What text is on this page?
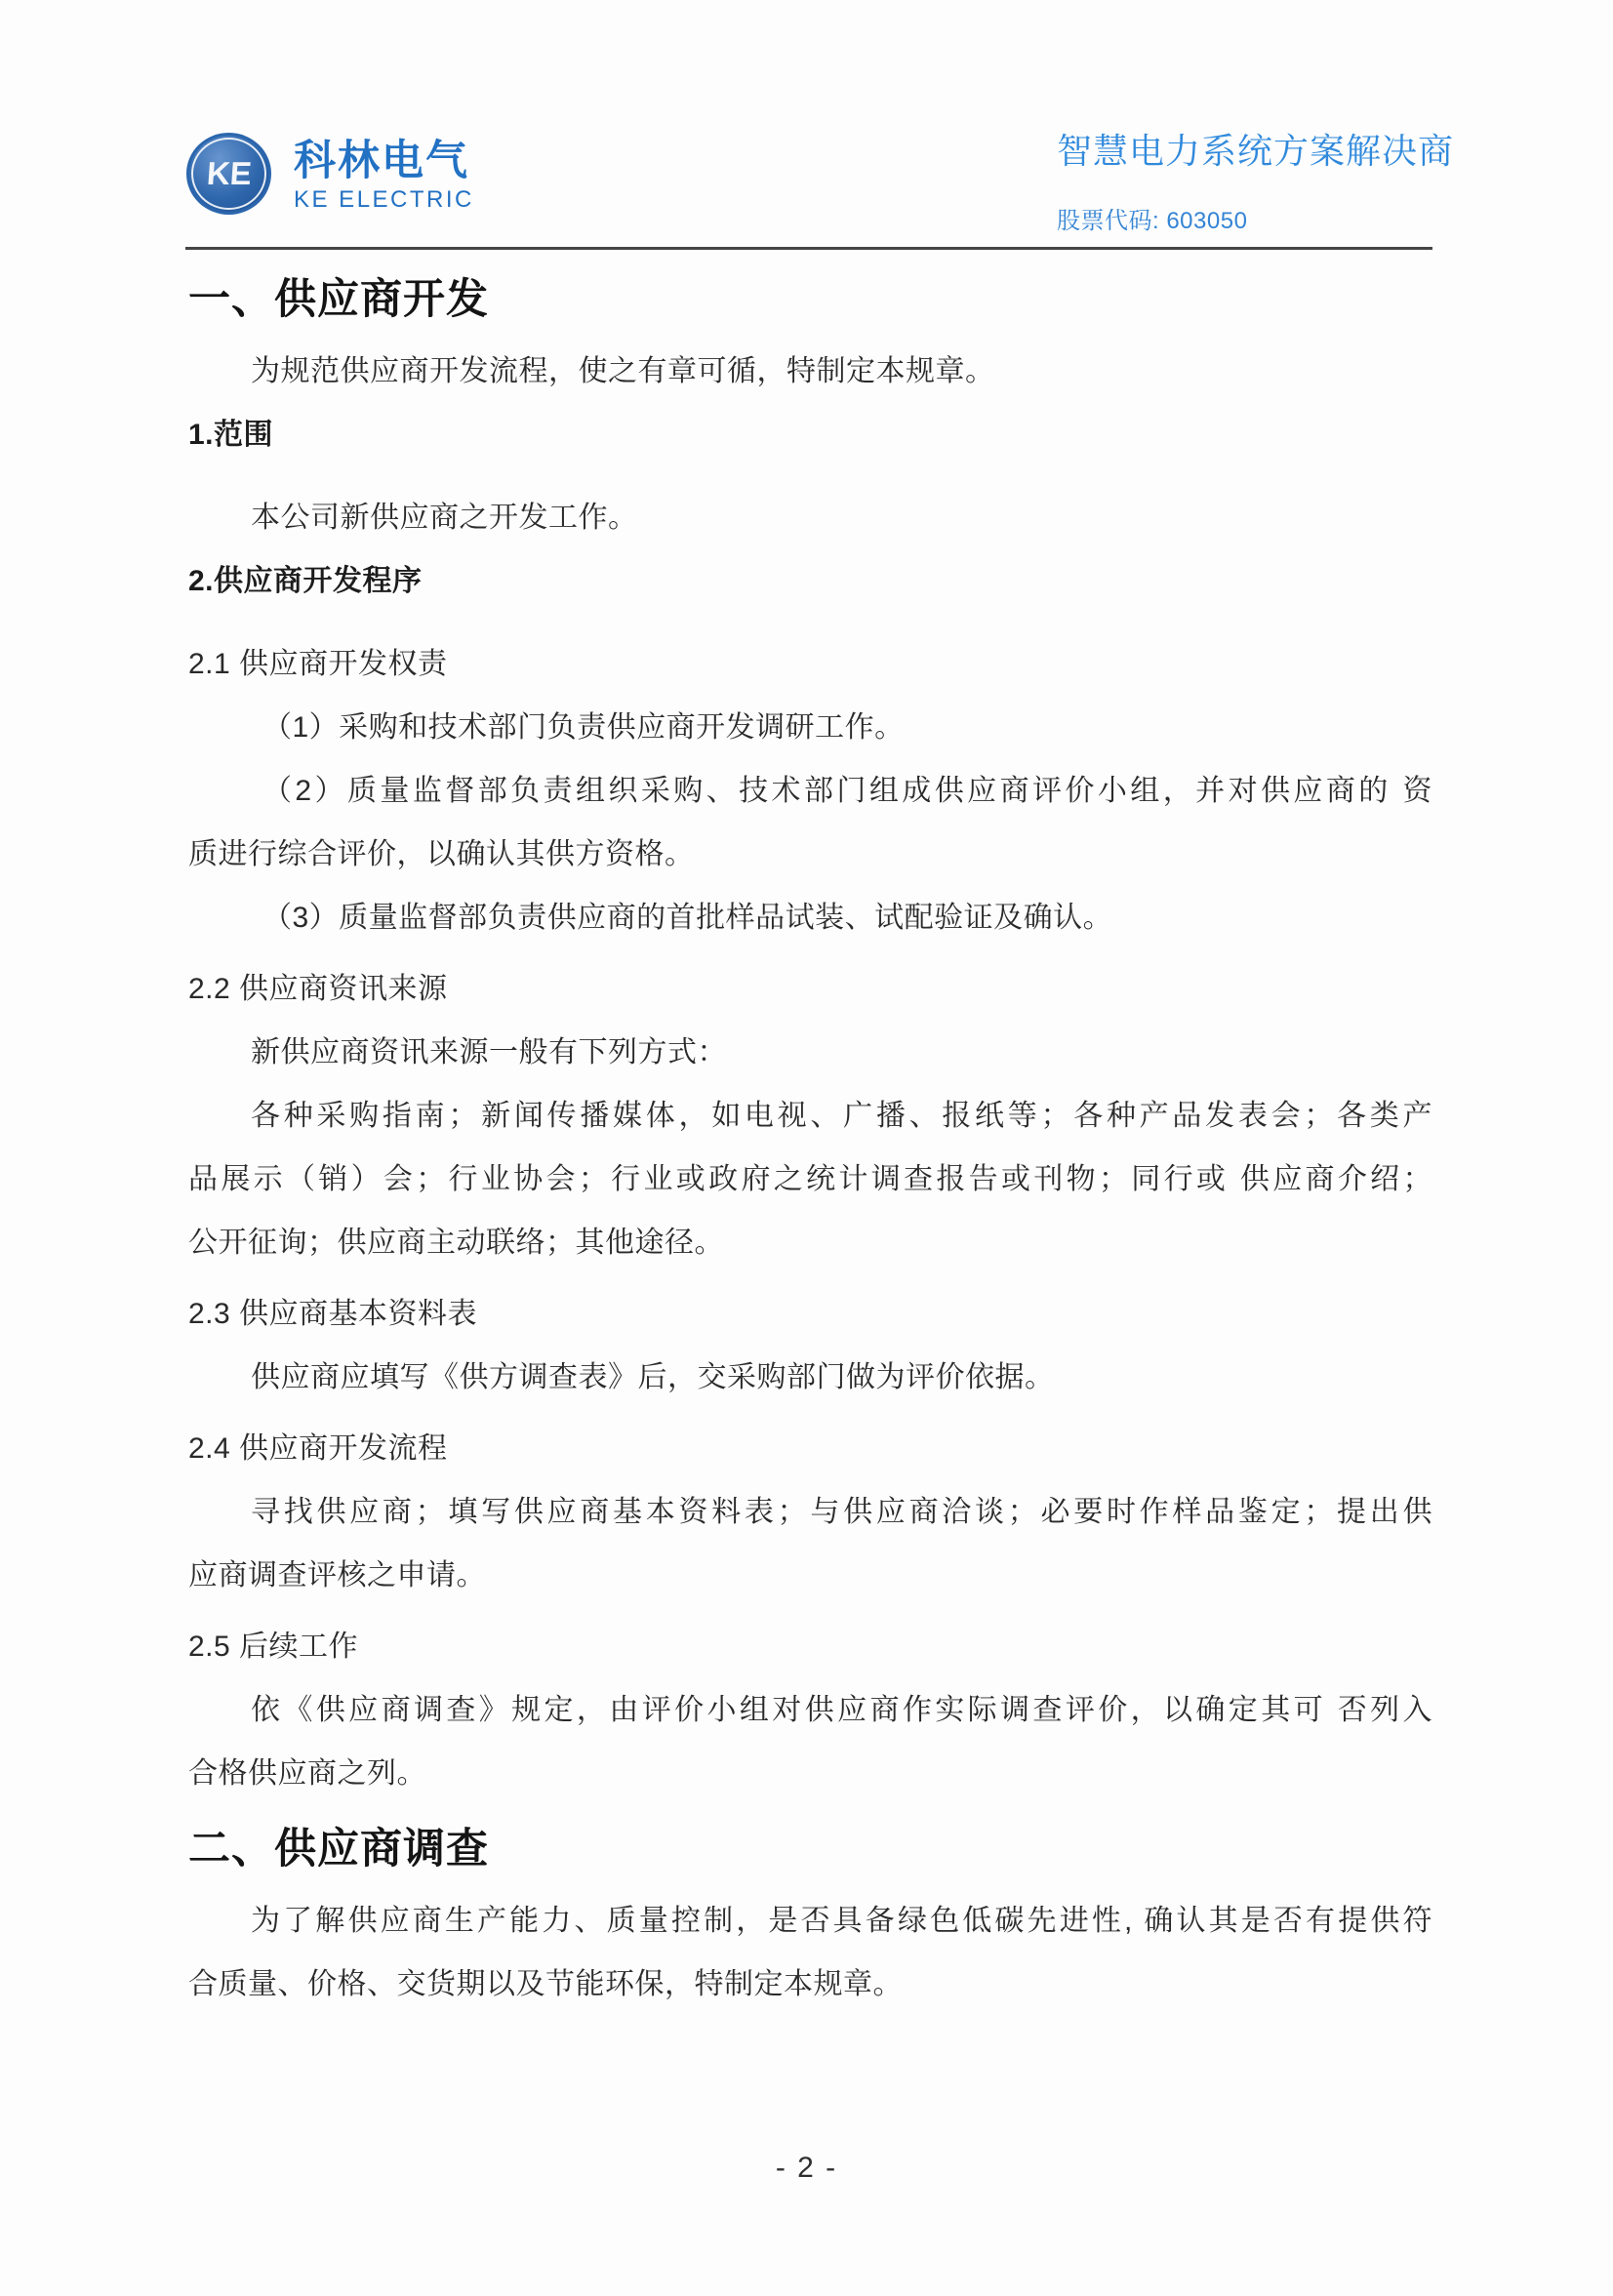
KE 科林电气
KE ELECTRIC
智慧电力系统方案解决商
股票代码: 603050
一、供应商开发
为规范供应商开发流程，使之有章可循，特制定本规章。
1.范围
本公司新供应商之开发工作。
2.供应商开发程序
2.1 供应商开发权责
（1）采购和技术部门负责供应商开发调研工作。
（2）质量监督部负责组织采购、技术部门组成供应商评价小组，并对供应商的 资
质进行综合评价，以确认其供方资格。
（3）质量监督部负责供应商的首批样品试装、试配验证及确认。
2.2 供应商资讯来源
新供应商资讯来源一般有下列方式：
各种采购指南；新闻传播媒体，如电视、广播、报纸等；各种产品发表会；各类产
品展示（销）会；行业协会；行业或政府之统计调查报告或刊物；同行或 供应商介绍；
公开征询；供应商主动联络；其他途径。
2.3 供应商基本资料表
供应商应填写《供方调查表》后，交采购部门做为评价依据。
2.4 供应商开发流程
寻找供应商；填写供应商基本资料表；与供应商洽谈；必要时作样品鉴定；提出供
应商调查评核之申请。
2.5 后续工作
依《供应商调查》规定，由评价小组对供应商作实际调查评价，以确定其可 否列入
合格供应商之列。
二、供应商调查
为了解供应商生产能力、质量控制，是否具备绿色低碳先进性, 确认其是否有提供符
合质量、价格、交货期以及节能环保，特制定本规章。
- 2 -
